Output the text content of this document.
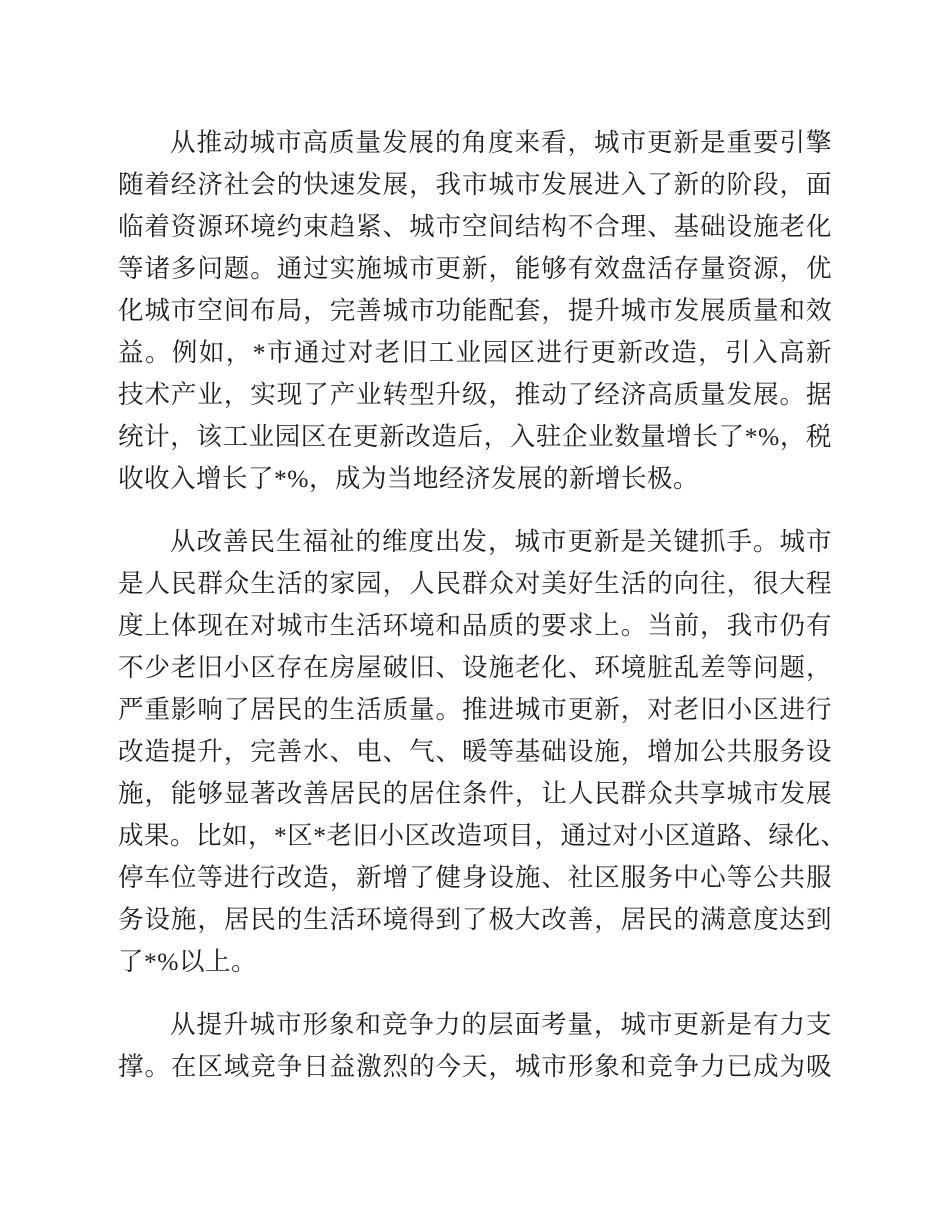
从推动城市高质量发展的角度来看，城市更新是重要引擎
随着经济社会的快速发展，我市城市发展进入了新的阶段，面
临着资源环境约束趋紧、城市空间结构不合理、基础设施老化
等诸多问题。通过实施城市更新，能够有效盘活存量资源，优
化城市空间布局，完善城市功能配套，提升城市发展质量和效
益。例如，*市通过对老旧工业园区进行更新改造，引入高新
技术产业，实现了产业转型升级，推动了经济高质量发展。据
统计，该工业园区在更新改造后，入驻企业数量增长了*%，税
收收入增长了*%，成为当地经济发展的新增长极。
从改善民生福祉的维度出发，城市更新是关键抓手。城市
是人民群众生活的家园，人民群众对美好生活的向往，很大程
度上体现在对城市生活环境和品质的要求上。当前，我市仍有
不少老旧小区存在房屋破旧、设施老化、环境脏乱差等问题，
严重影响了居民的生活质量。推进城市更新，对老旧小区进行
改造提升，完善水、电、气、暖等基础设施，增加公共服务设
施，能够显著改善居民的居住条件，让人民群众共享城市发展
成果。比如，*区*老旧小区改造项目，通过对小区道路、绿化、
停车位等进行改造，新增了健身设施、社区服务中心等公共服
务设施，居民的生活环境得到了极大改善，居民的满意度达到
了*%以上。
从提升城市形象和竞争力的层面考量，城市更新是有力支
撑。在区域竞争日益激烈的今天，城市形象和竞争力已成为吸
